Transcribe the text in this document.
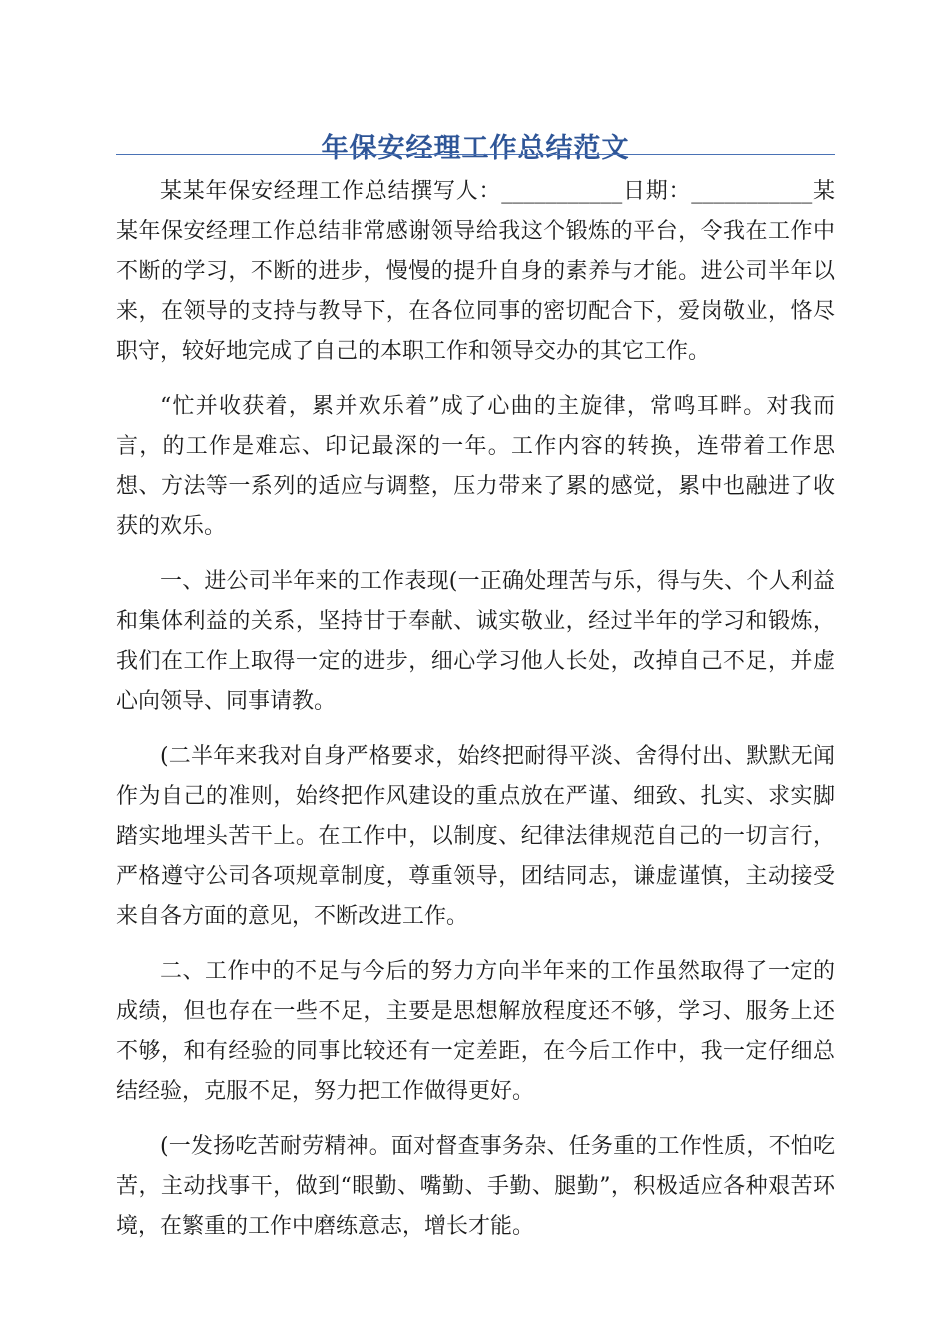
年保安经理工作总结范文

某某年保安经理工作总结撰写人：___________日期：___________某某年保安经理工作总结非常感谢领导给我这个锻炼的平台，令我在工作中不断的学习，不断的进步，慢慢的提升自身的素养与才能。进公司半年以来，在领导的支持与教导下，在各位同事的密切配合下，爱岗敬业，恪尽职守，较好地完成了自己的本职工作和领导交办的其它工作。

“忙并收获着，累并欢乐着”成了心曲的主旋律，常鸣耳畔。对我而言，的工作是难忘、印记最深的一年。工作内容的转换，连带着工作思想、方法等一系列的适应与调整，压力带来了累的感觉，累中也融进了收获的欢乐。

一、进公司半年来的工作表现(一正确处理苦与乐，得与失、个人利益和集体利益的关系，坚持甘于奉献、诚实敬业，经过半年的学习和锻炼，我们在工作上取得一定的进步，细心学习他人长处，改掉自己不足，并虚心向领导、同事请教。

(二半年来我对自身严格要求，始终把耐得平淡、舍得付出、默默无闻作为自己的准则，始终把作风建设的重点放在严谨、细致、扎实、求实脚踏实地埋头苦干上。在工作中，以制度、纪律法律规范自己的一切言行，严格遵守公司各项规章制度，尊重领导，团结同志，谦虚谨慎，主动接受来自各方面的意见，不断改进工作。

二、工作中的不足与今后的努力方向半年来的工作虽然取得了一定的成绩，但也存在一些不足，主要是思想解放程度还不够，学习、服务上还不够，和有经验的同事比较还有一定差距，在今后工作中，我一定仔细总结经验，克服不足，努力把工作做得更好。

(一发扬吃苦耐劳精神。面对督查事务杂、任务重的工作性质，不怕吃苦，主动找事干，做到“眼勤、嘴勤、手勤、腿勤”，积极适应各种艰苦环境，在繁重的工作中磨练意志，增长才能。
